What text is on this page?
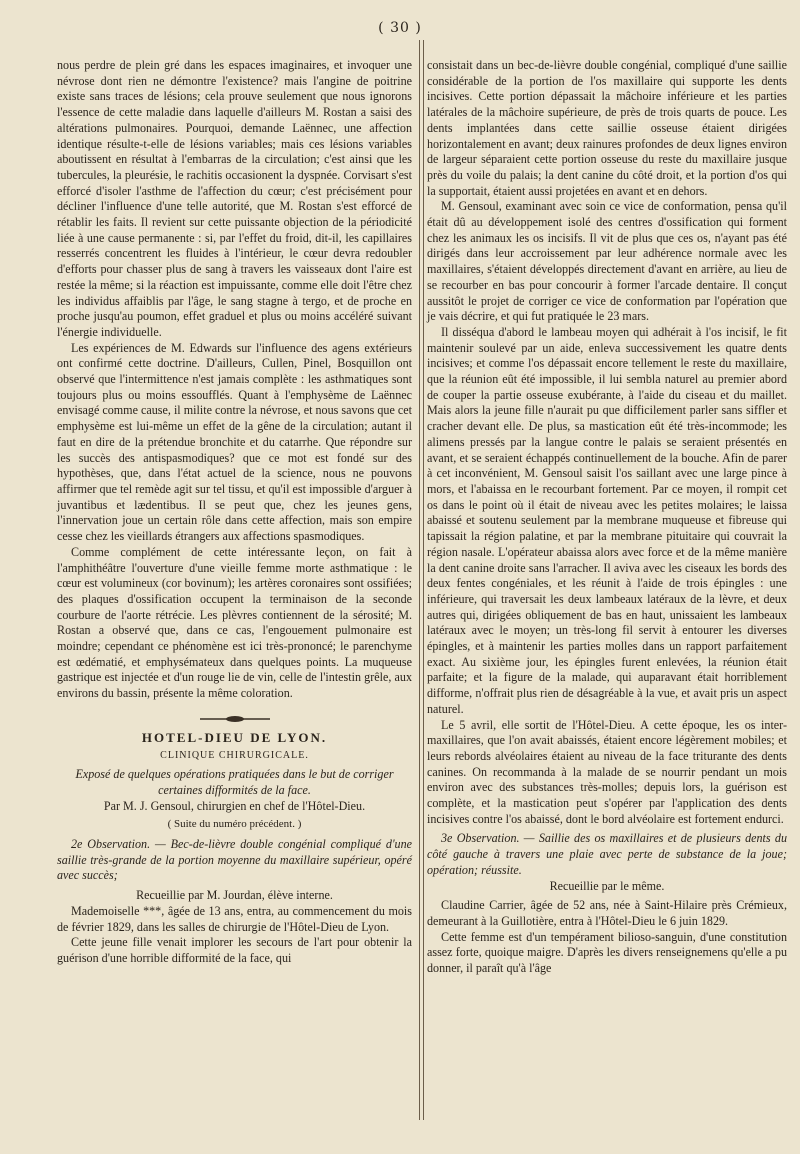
( 30 )

nous perdre de plein gré dans les espaces imaginaires, et invoquer une névrose dont rien ne démontre l'existence? mais l'angine de poitrine existe sans traces de lésions; cela prouve seulement que nous ignorons l'essence de cette maladie dans laquelle d'ailleurs M. Rostan a saisi des altérations pulmonaires. Pourquoi, demande Laënnec, une affection identique résulte-t-elle de lésions variables; mais ces lésions variables aboutissent en résultat à l'embarras de la circulation; c'est ainsi que les tubercules, la pleurésie, le rachitis occasionent la dyspnée. Corvisart s'est efforcé d'isoler l'asthme de l'affection du cœur; c'est précisément pour décliner l'influence d'une telle autorité, que M. Rostan s'est efforcé de rétablir les faits. Il revient sur cette puissante objection de la périodicité liée à une cause permanente : si, par l'effet du froid, dit-il, les capillaires resserrés concentrent les fluides à l'intérieur, le cœur devra redoubler d'efforts pour chasser plus de sang à travers les vaisseaux dont l'aire est restée la même; si la réaction est impuissante, comme elle doit l'être chez les individus affaiblis par l'âge, le sang stagne à tergo, et de proche en proche jusqu'au poumon, effet graduel et plus ou moins accéléré suivant l'énergie individuelle.

Les expériences de M. Edwards sur l'influence des agens extérieurs ont confirmé cette doctrine. D'ailleurs, Cullen, Pinel, Bosquillon ont observé que l'intermittence n'est jamais complète : les asthmatiques sont toujours plus ou moins essoufflés. Quant à l'emphysème de Laënnec envisagé comme cause, il milite contre la névrose, et nous savons que cet emphysème est lui-même un effet de la gêne de la circulation; autant il faut en dire de la prétendue bronchite et du catarrhe. Que répondre sur les succès des antispasmodiques? que ce mot est fondé sur des hypothèses, que, dans l'état actuel de la science, nous ne pouvons affirmer que tel remède agit sur tel tissu, et qu'il est impossible d'arguer à juvantibus et lædentibus. Il se peut que, chez les jeunes gens, l'innervation joue un certain rôle dans cette affection, mais son empire cesse chez les vieillards étrangers aux affections spasmodiques.

Comme complément de cette intéressante leçon, on fait à l'amphithéâtre l'ouverture d'une vieille femme morte asthmatique : le cœur est volumineux (cor bovinum); les artères coronaires sont ossifiées; des plaques d'ossification occupent la terminaison de la seconde courbure de l'aorte rétrécie. Les plèvres contiennent de la sérosité; M. Rostan a observé que, dans ce cas, l'engouement pulmonaire est moindre; cependant ce phénomène est ici très-prononcé; le parenchyme est œdématié, et emphysémateux dans quelques points. La muqueuse gastrique est injectée et d'un rouge lie de vin, celle de l'intestin grêle, aux environs du bassin, présente la même coloration.

HOTEL-DIEU DE LYON.

CLINIQUE CHIRURGICALE.

Exposé de quelques opérations pratiquées dans le but de corriger certaines difformités de la face.

Par M. J. Gensoul, chirurgien en chef de l'Hôtel-Dieu.

( Suite du numéro précédent. )

2e Observation. — Bec-de-lièvre double congénial compliqué d'une saillie très-grande de la portion moyenne du maxillaire supérieur, opéré avec succès;

Recueillie par M. Jourdan, élève interne.

Mademoiselle ***, âgée de 13 ans, entra, au commencement du mois de février 1829, dans les salles de chirurgie de l'Hôtel-Dieu de Lyon.

Cette jeune fille venait implorer les secours de l'art pour obtenir la guérison d'une horrible difformité de la face, qui

consistait dans un bec-de-lièvre double congénial, compliqué d'une saillie considérable de la portion de l'os maxillaire qui supporte les dents incisives. Cette portion dépassait la mâchoire inférieure et les parties latérales de la mâchoire supérieure, de près de trois quarts de pouce. Les dents implantées dans cette saillie osseuse étaient dirigées horizontalement en avant; deux rainures profondes de deux lignes environ de largeur séparaient cette portion osseuse du reste du maxillaire jusque près du voile du palais; la dent canine du côté droit, et la portion d'os qui la supportait, étaient aussi projetées en avant et en dehors.

M. Gensoul, examinant avec soin ce vice de conformation, pensa qu'il était dû au développement isolé des centres d'ossification qui forment chez les animaux les os incisifs. Il vit de plus que ces os, n'ayant pas été dirigés dans leur accroissement par leur adhérence normale avec les maxillaires, s'étaient développés directement d'avant en arrière, au lieu de se recourber en bas pour concourir à former l'arcade dentaire. Il conçut aussitôt le projet de corriger ce vice de conformation par l'opération que je vais décrire, et qui fut pratiquée le 23 mars.

Il disséqua d'abord le lambeau moyen qui adhérait à l'os incisif, le fit maintenir soulevé par un aide, enleva successivement les quatre dents incisives; et comme l'os dépassait encore tellement le reste du maxillaire, que la réunion eût été impossible, il lui sembla naturel au premier abord de couper la partie osseuse exubérante, à l'aide du ciseau et du maillet. Mais alors la jeune fille n'aurait pu que difficilement parler sans siffler et cracher devant elle. De plus, sa mastication eût été très-incommode; les alimens pressés par la langue contre le palais se seraient présentés en avant, et se seraient échappés continuellement de la bouche. Afin de parer à cet inconvénient, M. Gensoul saisit l'os saillant avec une large pince à mors, et l'abaissa en le recourbant fortement. Par ce moyen, il rompit cet os dans le point où il était de niveau avec les petites molaires; le laissa abaissé et soutenu seulement par la membrane muqueuse et fibreuse qui tapissait la région palatine, et par la membrane pituitaire qui couvrait la région nasale. L'opérateur abaissa alors avec force et de la même manière la dent canine droite sans l'arracher. Il aviva avec les ciseaux les bords des deux fentes congéniales, et les réunit à l'aide de trois épingles : une inférieure, qui traversait les deux lambeaux latéraux de la lèvre, et deux autres qui, dirigées obliquement de bas en haut, unissaient les lambeaux latéraux avec le moyen; un très-long fil servit à entourer les diverses épingles, et à maintenir les parties molles dans un rapport parfaitement exact. Au sixième jour, les épingles furent enlevées, la réunion était parfaite; et la figure de la malade, qui auparavant était horriblement difforme, n'offrait plus rien de désagréable à la vue, et avait pris un aspect naturel.

Le 5 avril, elle sortit de l'Hôtel-Dieu. A cette époque, les os inter-maxillaires, que l'on avait abaissés, étaient encore légèrement mobiles; et leurs rebords alvéolaires étaient au niveau de la face triturante des dents canines. On recommanda à la malade de se nourrir pendant un mois environ avec des substances très-molles; depuis lors, la guérison est complète, et la mastication peut s'opérer par l'application des dents incisives contre l'os abaissé, dont le bord alvéolaire est fortement endurci.

3e Observation. — Saillie des os maxillaires et de plusieurs dents du côté gauche à travers une plaie avec perte de substance de la joue; opération; réussite.

Recueillie par le même.

Claudine Carrier, âgée de 52 ans, née à Saint-Hilaire près Crémieux, demeurant à la Guillotière, entra à l'Hôtel-Dieu le 6 juin 1829.

Cette femme est d'un tempérament bilioso-sanguin, d'une constitution assez forte, quoique maigre. D'après les divers renseignemens qu'elle a pu donner, il paraît qu'à l'âge
